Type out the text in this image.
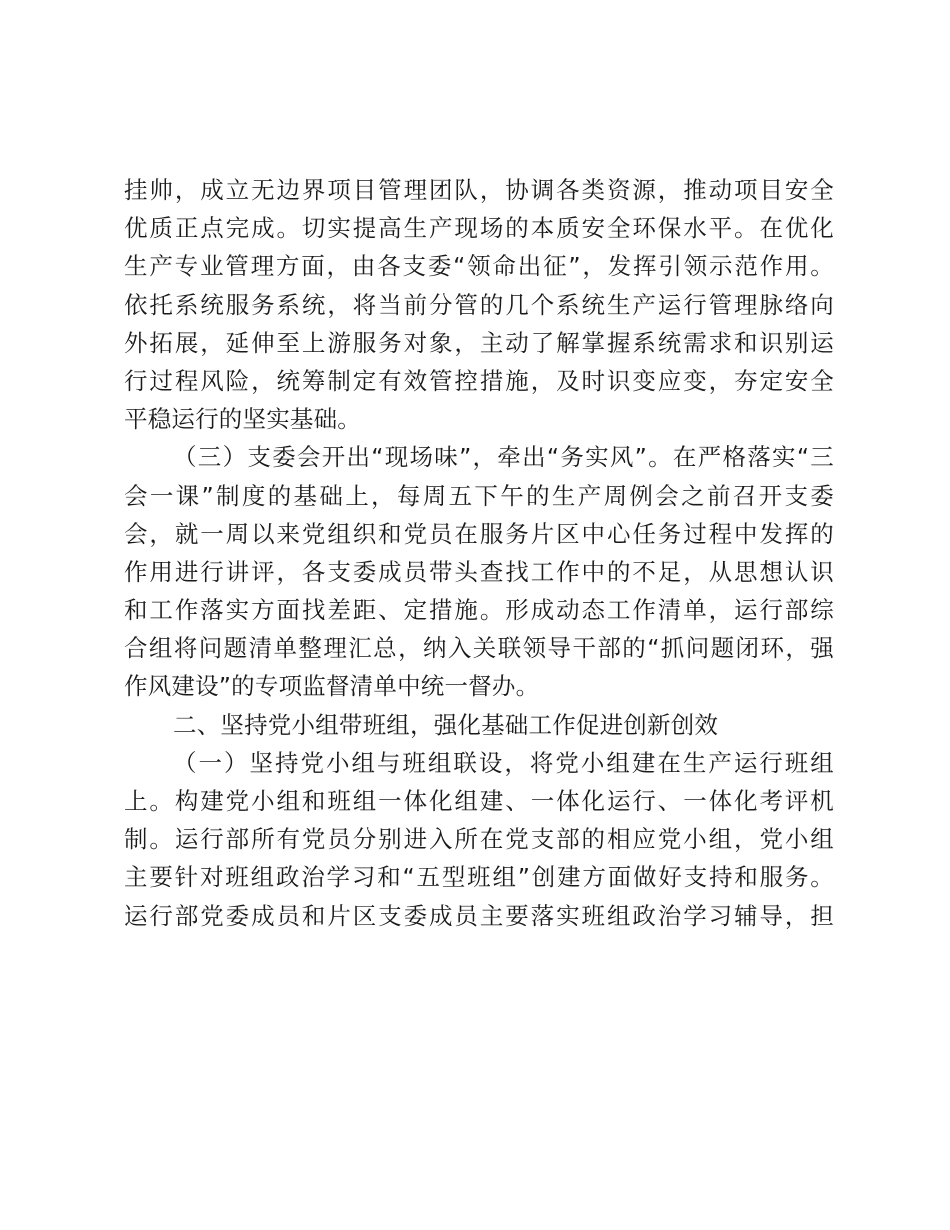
挂帅，成立无边界项目管理团队，协调各类资源，推动项目安全
优质正点完成。切实提高生产现场的本质安全环保水平。在优化
生产专业管理方面，由各支委“领命出征”，发挥引领示范作用。
依托系统服务系统，将当前分管的几个系统生产运行管理脉络向
外拓展，延伸至上游服务对象，主动了解掌握系统需求和识别运
行过程风险，统筹制定有效管控措施，及时识变应变，夯定安全
平稳运行的坚实基础。
（三）支委会开出“现场味”，牵出“务实风”。在严格落实“三
会一课”制度的基础上，每周五下午的生产周例会之前召开支委
会，就一周以来党组织和党员在服务片区中心任务过程中发挥的
作用进行讲评，各支委成员带头查找工作中的不足，从思想认识
和工作落实方面找差距、定措施。形成动态工作清单，运行部综
合组将问题清单整理汇总，纳入关联领导干部的“抓问题闭环，强
作风建设”的专项监督清单中统一督办。
二、坚持党小组带班组，强化基础工作促进创新创效
（一）坚持党小组与班组联设，将党小组建在生产运行班组
上。构建党小组和班组一体化组建、一体化运行、一体化考评机
制。运行部所有党员分别进入所在党支部的相应党小组，党小组
主要针对班组政治学习和“五型班组”创建方面做好支持和服务。
运行部党委成员和片区支委成员主要落实班组政治学习辅导，担
